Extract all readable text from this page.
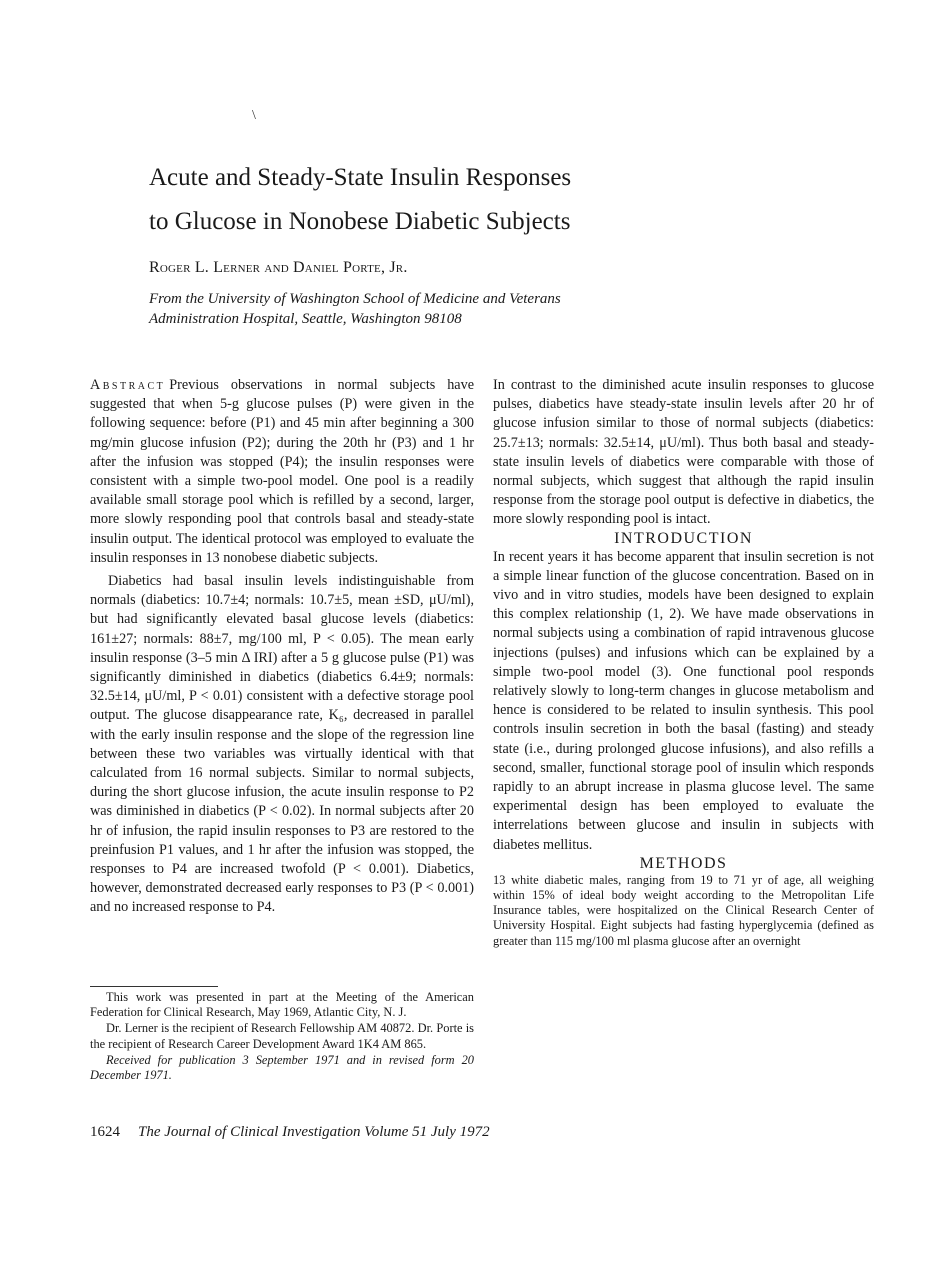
\
Acute and Steady-State Insulin Responses
to Glucose in Nonobese Diabetic Subjects
Roger L. Lerner and Daniel Porte, Jr.
From the University of Washington School of Medicine and Veterans
Administration Hospital, Seattle, Washington 98108

Abstract Previous observations in normal subjects have suggested that when 5-g glucose pulses (P) were given in the following sequence: before (P1) and 45 min after beginning a 300 mg/min glucose infusion (P2); during the 20th hr (P3) and 1 hr after the infusion was stopped (P4); the insulin responses were consistent with a simple two-pool model. One pool is a readily available small storage pool which is refilled by a second, larger, more slowly responding pool that controls basal and steady-state insulin output. The identical protocol was employed to evaluate the insulin responses in 13 nonobese diabetic subjects.

Diabetics had basal insulin levels indistinguishable from normals (diabetics: 10.7±4; normals: 10.7±5, mean ±SD, μU/ml), but had significantly elevated basal glucose levels (diabetics: 161±27; normals: 88±7, mg/100 ml, P < 0.05). The mean early insulin response (3–5 min Δ IRI) after a 5 g glucose pulse (P1) was significantly diminished in diabetics (diabetics 6.4±9; normals: 32.5±14, μU/ml, P < 0.01) consistent with a defective storage pool output. The glucose disappearance rate, K₆, decreased in parallel with the early insulin response and the slope of the regression line between these two variables was virtually identical with that calculated from 16 normal subjects. Similar to normal subjects, during the short glucose infusion, the acute insulin response to P2 was diminished in diabetics (P < 0.02). In normal subjects after 20 hr of infusion, the rapid insulin responses to P3 are restored to the preinfusion P1 values, and 1 hr after the infusion was stopped, the responses to P4 are increased twofold (P < 0.001). Diabetics, however, demonstrated decreased early responses to P3 (P < 0.001) and no increased response to P4.

This work was presented in part at the Meeting of the American Federation for Clinical Research, May 1969, Atlantic City, N. J.

Dr. Lerner is the recipient of Research Fellowship AM 40872. Dr. Porte is the recipient of Research Career Development Award 1K4 AM 865.

Received for publication 3 September 1971 and in revised form 20 December 1971.

In contrast to the diminished acute insulin responses to glucose pulses, diabetics have steady-state insulin levels after 20 hr of glucose infusion similar to those of normal subjects (diabetics: 25.7±13; normals: 32.5±14, μU/ml). Thus both basal and steady-state insulin levels of diabetics were comparable with those of normal subjects, which suggest that although the rapid insulin response from the storage pool output is defective in diabetics, the more slowly responding pool is intact.

INTRODUCTION

In recent years it has become apparent that insulin secretion is not a simple linear function of the glucose concentration. Based on in vivo and in vitro studies, models have been designed to explain this complex relationship (1, 2). We have made observations in normal subjects using a combination of rapid intravenous glucose injections (pulses) and infusions which can be explained by a simple two-pool model (3). One functional pool responds relatively slowly to long-term changes in glucose metabolism and hence is considered to be related to insulin synthesis. This pool controls insulin secretion in both the basal (fasting) and steady state (i.e., during prolonged glucose infusions), and also refills a second, smaller, functional storage pool of insulin which responds rapidly to an abrupt increase in plasma glucose level. The same experimental design has been employed to evaluate the interrelations between glucose and insulin in subjects with diabetes mellitus.

METHODS

13 white diabetic males, ranging from 19 to 71 yr of age, all weighing within 15% of ideal body weight according to the Metropolitan Life Insurance tables, were hospitalized on the Clinical Research Center of University Hospital. Eight subjects had fasting hyperglycemia (defined as greater than 115 mg/100 ml plasma glucose after an overnight

1624 The Journal of Clinical Investigation Volume 51 July 1972
